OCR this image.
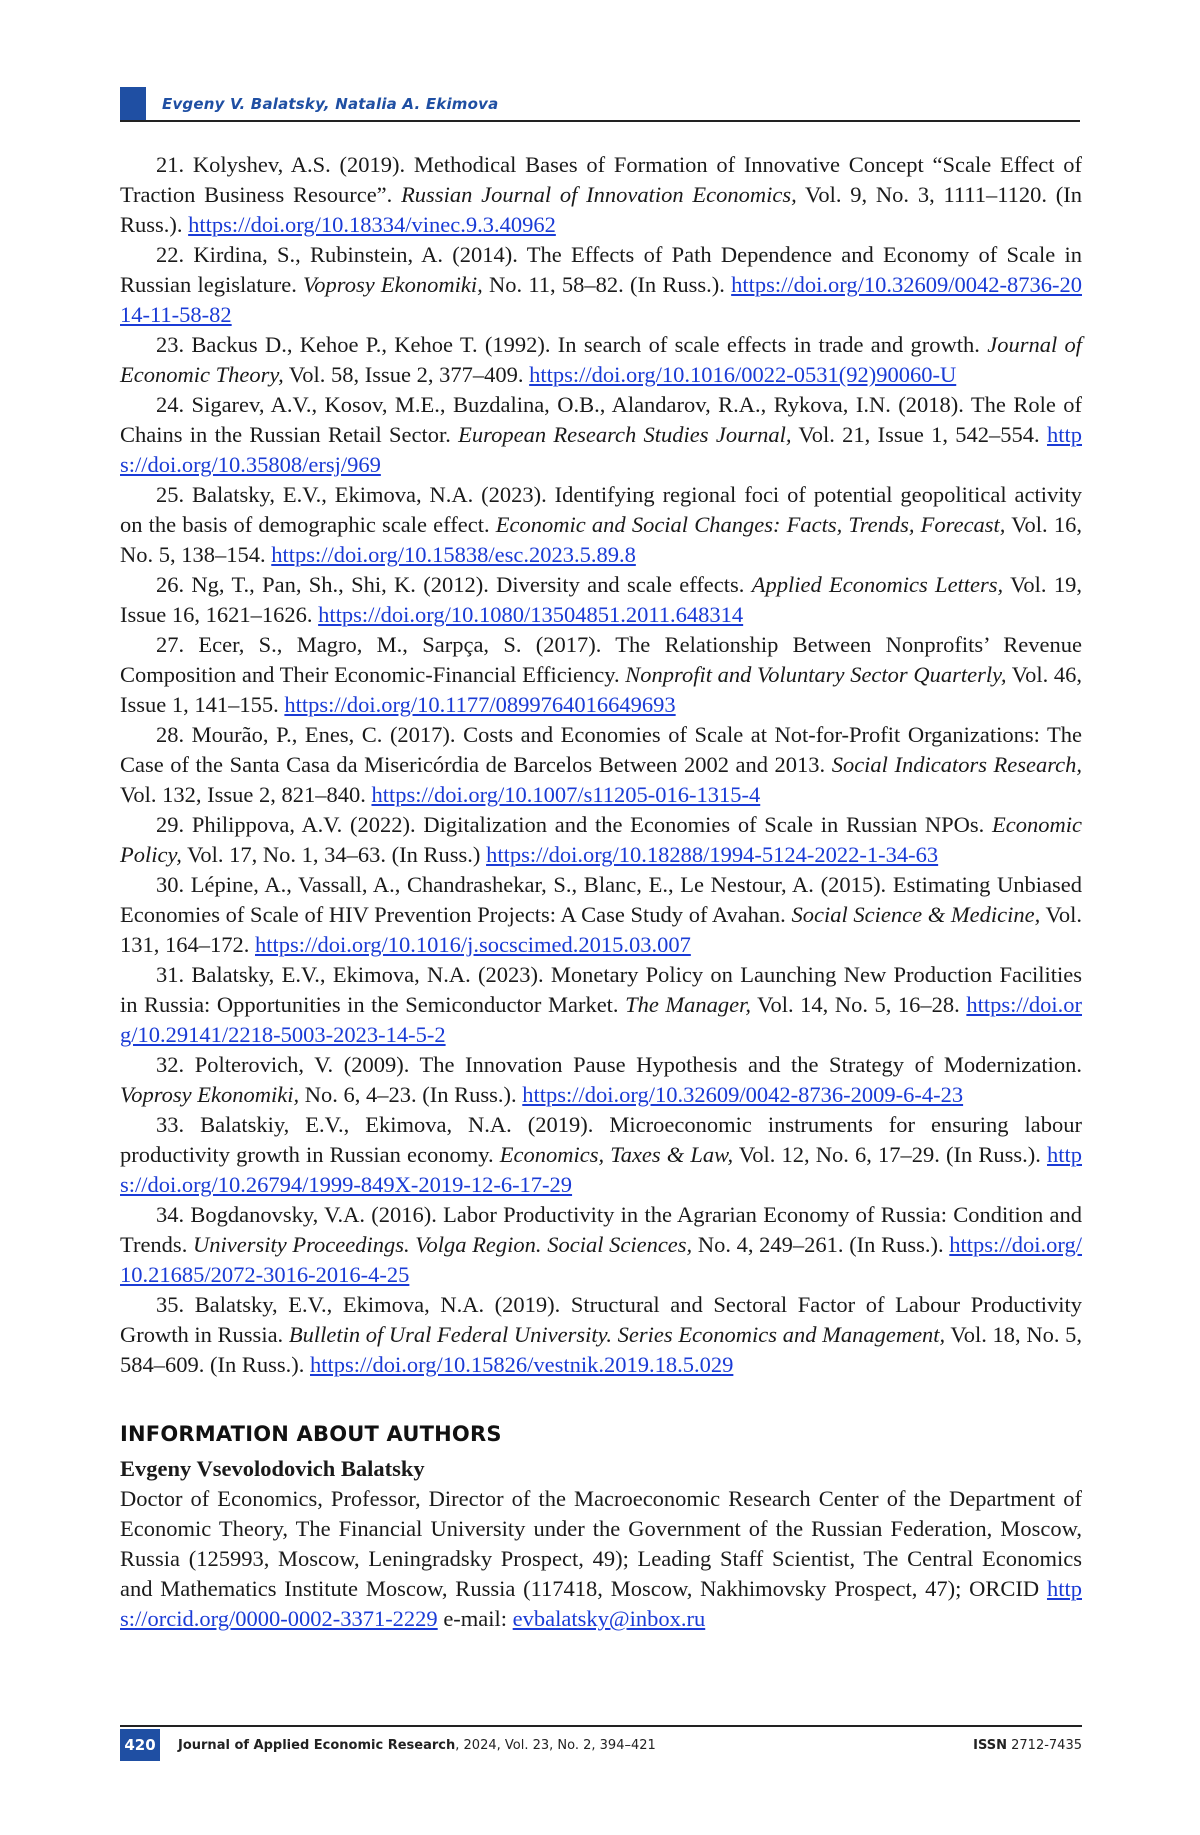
Evgeny V. Balatsky, Natalia A. Ekimova

21. Kolyshev, A.S. (2019). Methodical Bases of Formation of Innovative Concept “Scale Effect of Traction Business Resource”. Russian Journal of Innovation Economics, Vol. 9, No. 3, 1111–1120. (In Russ.). https://doi.org/10.18334/vinec.9.3.40962

22. Kirdina, S., Rubinstein, A. (2014). The Effects of Path Dependence and Economy of Scale in Russian legislature. Voprosy Ekonomiki, No. 11, 58–82. (In Russ.). https://doi.org/10.32609/0042-8736-2014-11-58-82

23. Backus D., Kehoe P., Kehoe T. (1992). In search of scale effects in trade and growth. Journal of Economic Theory, Vol. 58, Issue 2, 377–409. https://doi.org/10.1016/0022-0531(92)90060-U

24. Sigarev, A.V., Kosov, M.E., Buzdalina, O.B., Alandarov, R.A., Rykova, I.N. (2018). The Role of Chains in the Russian Retail Sector. European Research Studies Journal, Vol. 21, Issue 1, 542–554. https://doi.org/10.35808/ersj/969

25. Balatsky, E.V., Ekimova, N.A. (2023). Identifying regional foci of potential geopolitical activity on the basis of demographic scale effect. Economic and Social Changes: Facts, Trends, Forecast, Vol. 16, No. 5, 138–154. https://doi.org/10.15838/esc.2023.5.89.8

26. Ng, T., Pan, Sh., Shi, K. (2012). Diversity and scale effects. Applied Economics Letters, Vol. 19, Issue 16, 1621–1626. https://doi.org/10.1080/13504851.2011.648314

27. Ecer, S., Magro, M., Sarpça, S. (2017). The Relationship Between Nonprofits’ Revenue Composition and Their Economic-Financial Efficiency. Nonprofit and Voluntary Sector Quarterly, Vol. 46, Issue 1, 141–155. https://doi.org/10.1177/0899764016649693

28. Mourão, P., Enes, C. (2017). Costs and Economies of Scale at Not-for-Profit Organizations: The Case of the Santa Casa da Misericórdia de Barcelos Between 2002 and 2013. Social Indicators Research, Vol. 132, Issue 2, 821–840. https://doi.org/10.1007/s11205-016-1315-4

29. Philippova, A.V. (2022). Digitalization and the Economies of Scale in Russian NPOs. Economic Policy, Vol. 17, No. 1, 34–63. (In Russ.) https://doi.org/10.18288/1994-5124-2022-1-34-63

30. Lépine, A., Vassall, A., Chandrashekar, S., Blanc, E., Le Nestour, A. (2015). Estimating Unbiased Economies of Scale of HIV Prevention Projects: A Case Study of Avahan. Social Science & Medicine, Vol. 131, 164–172. https://doi.org/10.1016/j.socscimed.2015.03.007

31. Balatsky, E.V., Ekimova, N.A. (2023). Monetary Policy on Launching New Production Facilities in Russia: Opportunities in the Semiconductor Market. The Manager, Vol. 14, No. 5, 16–28. https://doi.org/10.29141/2218-5003-2023-14-5-2

32. Polterovich, V. (2009). The Innovation Pause Hypothesis and the Strategy of Modernization. Voprosy Ekonomiki, No. 6, 4–23. (In Russ.). https://doi.org/10.32609/0042-8736-2009-6-4-23

33. Balatskiy, E.V., Ekimova, N.A. (2019). Microeconomic instruments for ensuring labour productivity growth in Russian economy. Economics, Taxes & Law, Vol. 12, No. 6, 17–29. (In Russ.). https://doi.org/10.26794/1999-849X-2019-12-6-17-29

34. Bogdanovsky, V.A. (2016). Labor Productivity in the Agrarian Economy of Russia: Condition and Trends. University Proceedings. Volga Region. Social Sciences, No. 4, 249–261. (In Russ.). https://doi.org/10.21685/2072-3016-2016-4-25

35. Balatsky, E.V., Ekimova, N.A. (2019). Structural and Sectoral Factor of Labour Productivity Growth in Russia. Bulletin of Ural Federal University. Series Economics and Management, Vol. 18, No. 5, 584–609. (In Russ.). https://doi.org/10.15826/vestnik.2019.18.5.029

INFORMATION ABOUT AUTHORS

Evgeny Vsevolodovich Balatsky

Doctor of Economics, Professor, Director of the Macroeconomic Research Center of the Department of Economic Theory, The Financial University under the Government of the Russian Federation, Moscow, Russia (125993, Moscow, Leningradsky Prospect, 49); Leading Staff Scientist, The Central Economics and Mathematics Institute Moscow, Russia (117418, Moscow, Nakhimovsky Prospect, 47); ORCID https://orcid.org/0000-0002-3371-2229 e-mail: evbalatsky@inbox.ru

420	Journal of Applied Economic Research, 2024, Vol. 23, No. 2, 394–421	ISSN 2712-7435
